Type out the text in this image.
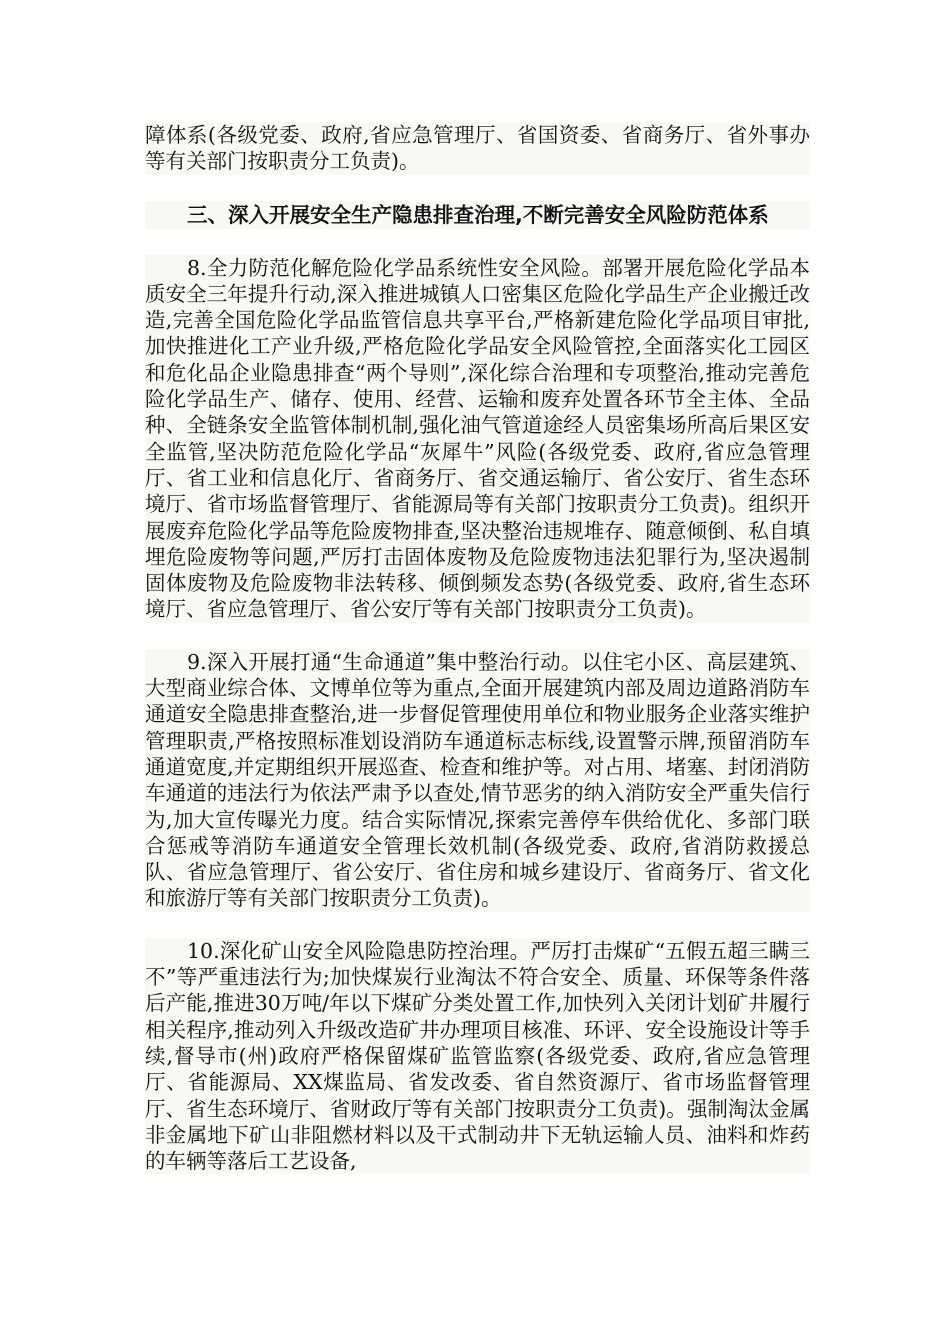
障体系(各级党委、政府,省应急管理厅、省国资委、省商务厅、省外事办等有关部门按职责分工负责)。

三、深入开展安全生产隐患排查治理,不断完善安全风险防范体系

8.全力防范化解危险化学品系统性安全风险。部署开展危险化学品本质安全三年提升行动,深入推进城镇人口密集区危险化学品生产企业搬迁改造,完善全国危险化学品监管信息共享平台,严格新建危险化学品项目审批,加快推进化工产业升级,严格危险化学品安全风险管控,全面落实化工园区和危化品企业隐患排查“两个导则”,深化综合治理和专项整治,推动完善危险化学品生产、储存、使用、经营、运输和废弃处置各环节全主体、全品种、全链条安全监管体制机制,强化油气管道途经人员密集场所高后果区安全监管,坚决防范危险化学品“灰犀牛”风险(各级党委、政府,省应急管理厅、省工业和信息化厅、省商务厅、省交通运输厅、省公安厅、省生态环境厅、省市场监督管理厅、省能源局等有关部门按职责分工负责)。组织开展废弃危险化学品等危险废物排查,坚决整治违规堆存、随意倾倒、私自填埋危险废物等问题,严厉打击固体废物及危险废物违法犯罪行为,坚决遏制固体废物及危险废物非法转移、倾倒频发态势(各级党委、政府,省生态环境厅、省应急管理厅、省公安厅等有关部门按职责分工负责)。

9.深入开展打通“生命通道”集中整治行动。以住宅小区、高层建筑、大型商业综合体、文博单位等为重点,全面开展建筑内部及周边道路消防车通道安全隐患排查整治,进一步督促管理使用单位和物业服务企业落实维护管理职责,严格按照标准划设消防车通道标志标线,设置警示牌,预留消防车通道宽度,并定期组织开展巡查、检查和维护等。对占用、堵塞、封闭消防车通道的违法行为依法严肃予以查处,情节恶劣的纳入消防安全严重失信行为,加大宣传曝光力度。结合实际情况,探索完善停车供给优化、多部门联合惩戒等消防车通道安全管理长效机制(各级党委、政府,省消防救援总队、省应急管理厅、省公安厅、省住房和城乡建设厅、省商务厅、省文化和旅游厅等有关部门按职责分工负责)。

10.深化矿山安全风险隐患防控治理。严厉打击煤矿“五假五超三瞒三不”等严重违法行为;加快煤炭行业淘汰不符合安全、质量、环保等条件落后产能,推进30万吨/年以下煤矿分类处置工作,加快列入关闭计划矿井履行相关程序,推动列入升级改造矿井办理项目核准、环评、安全设施设计等手续,督导市(州)政府严格保留煤矿监管监察(各级党委、政府,省应急管理厅、省能源局、XX煤监局、省发改委、省自然资源厅、省市场监督管理厅、省生态环境厅、省财政厅等有关部门按职责分工负责)。强制淘汰金属非金属地下矿山非阻燃材料以及干式制动井下无轨运输人员、油料和炸药的车辆等落后工艺设备,
